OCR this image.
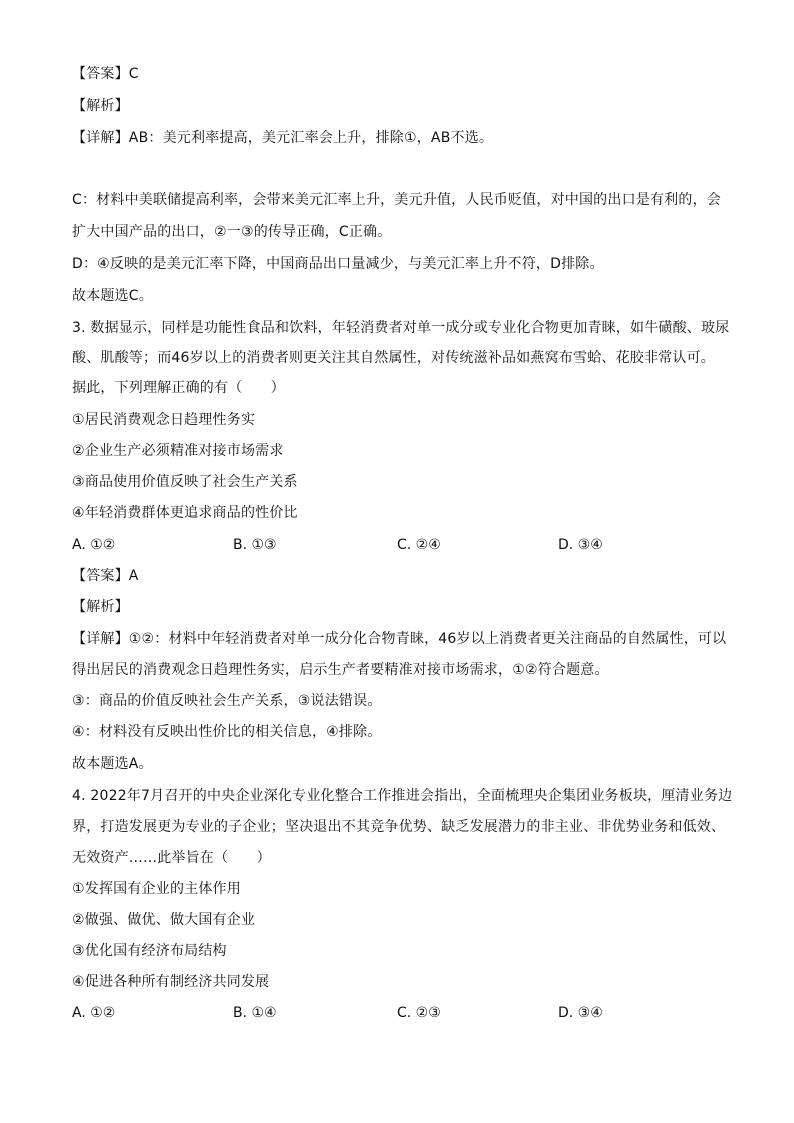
【答案】C
【解析】
【详解】AB：美元利率提高，美元汇率会上升，排除①，AB不选。
C：材料中美联储提高利率，会带来美元汇率上升，美元升值，人民币贬值，对中国的出口是有利的，会
扩大中国产品的出口，②一③的传导正确，C正确。
D：④反映的是美元汇率下降，中国商品出口量减少，与美元汇率上升不符，D排除。
故本题选C。
3. 数据显示，同样是功能性食品和饮料，年轻消费者对单一成分或专业化合物更加青睐，如牛磺酸、玻尿
酸、肌酸等；而46岁以上的消费者则更关注其自然属性，对传统滋补品如燕窝布雪蛤、花胶非常认可。
据此，下列理解正确的有（　　）
①居民消费观念日趋理性务实
②企业生产必须精准对接市场需求
③商品使用价值反映了社会生产关系
④年轻消费群体更追求商品的性价比
A. ①②	B. ①③	C. ②④	D. ③④
【答案】A
【解析】
【详解】①②：材料中年轻消费者对单一成分化合物青睐，46岁以上消费者更关注商品的自然属性，可以
得出居民的消费观念日趋理性务实，启示生产者要精准对接市场需求，①②符合题意。
③：商品的价值反映社会生产关系，③说法错误。
④：材料没有反映出性价比的相关信息，④排除。
故本题选A。
4. 2022年7月召开的中央企业深化专业化整合工作推进会指出，全面梳理央企集团业务板块，厘清业务边
界，打造发展更为专业的子企业；坚决退出不其竞争优势、缺乏发展潜力的非主业、非优势业务和低效、
无效资产……此举旨在（　　）
①发挥国有企业的主体作用
②做强、做优、做大国有企业
③优化国有经济布局结构
④促进各种所有制经济共同发展
A. ①②	B. ①④	C. ②③	D. ③④
